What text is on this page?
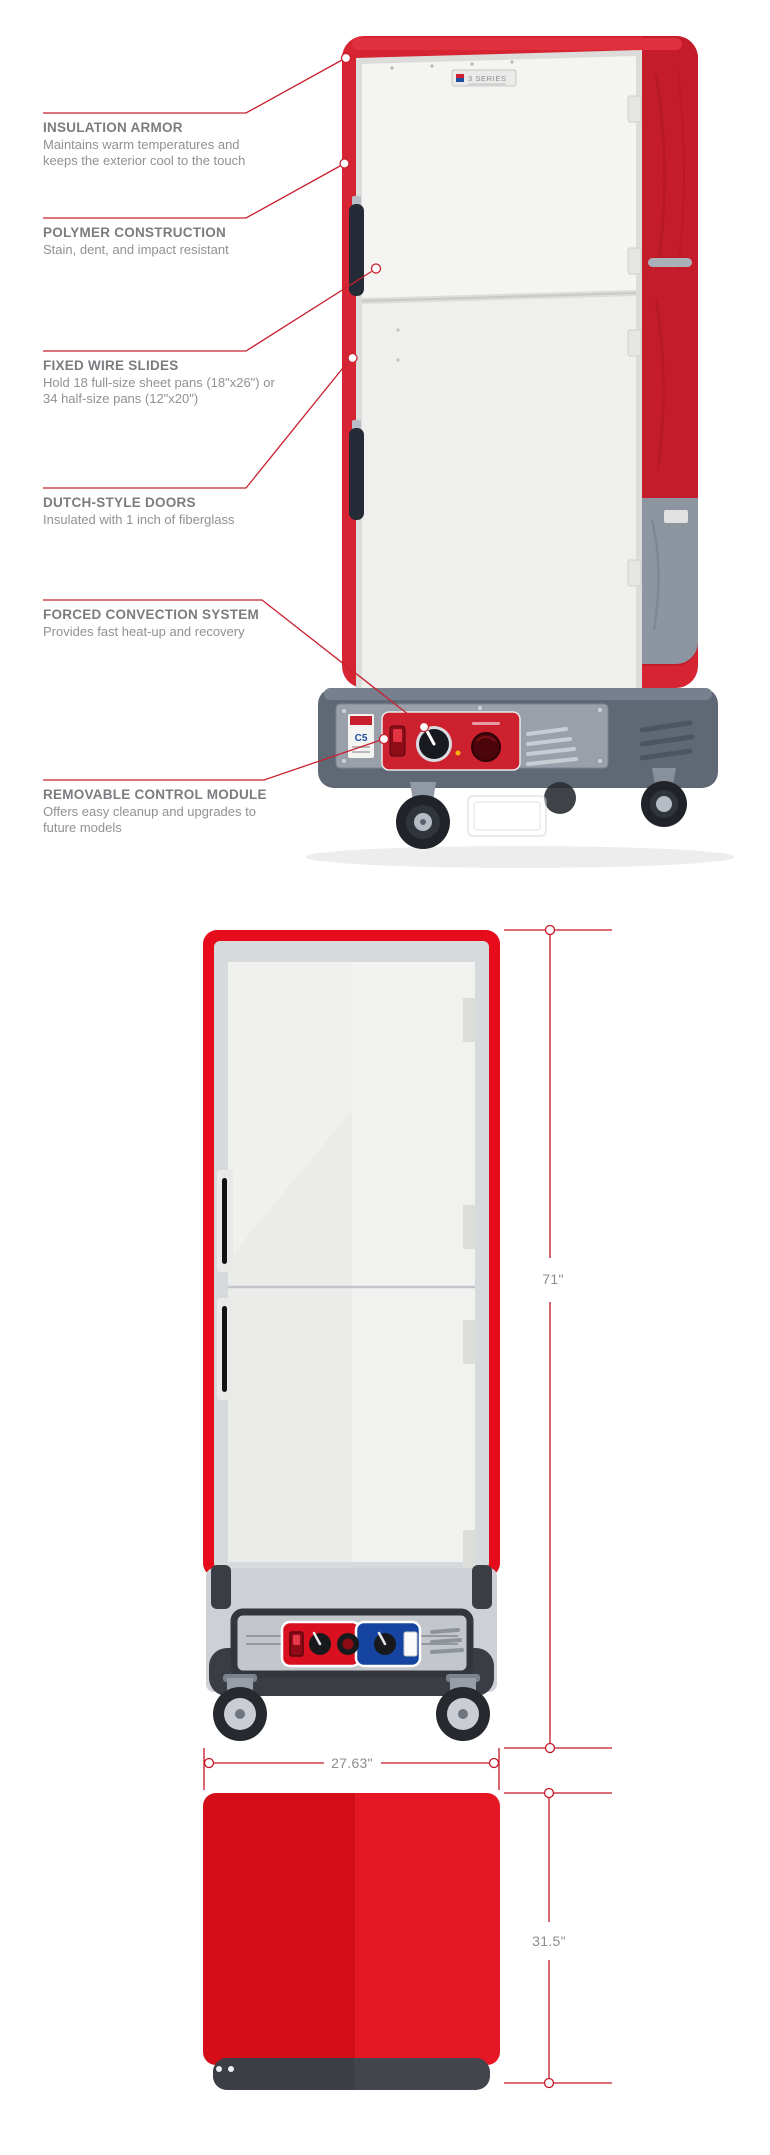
3 SERIES
C5
INSULATION ARMOR

Maintains warm temperatures and keeps the exterior cool to the touch

POLYMER CONSTRUCTION

Stain, dent, and impact resistant

FIXED WIRE SLIDES

Hold 18 full-size sheet pans (18"x26") or 34 half-size pans (12"x20")

DUTCH-STYLE DOORS

Insulated with 1 inch of fiberglass

FORCED CONVECTION SYSTEM

Provides fast heat-up and recovery

REMOVABLE CONTROL MODULE

Offers easy cleanup and upgrades to future models

71"
27.63"
31.5"
